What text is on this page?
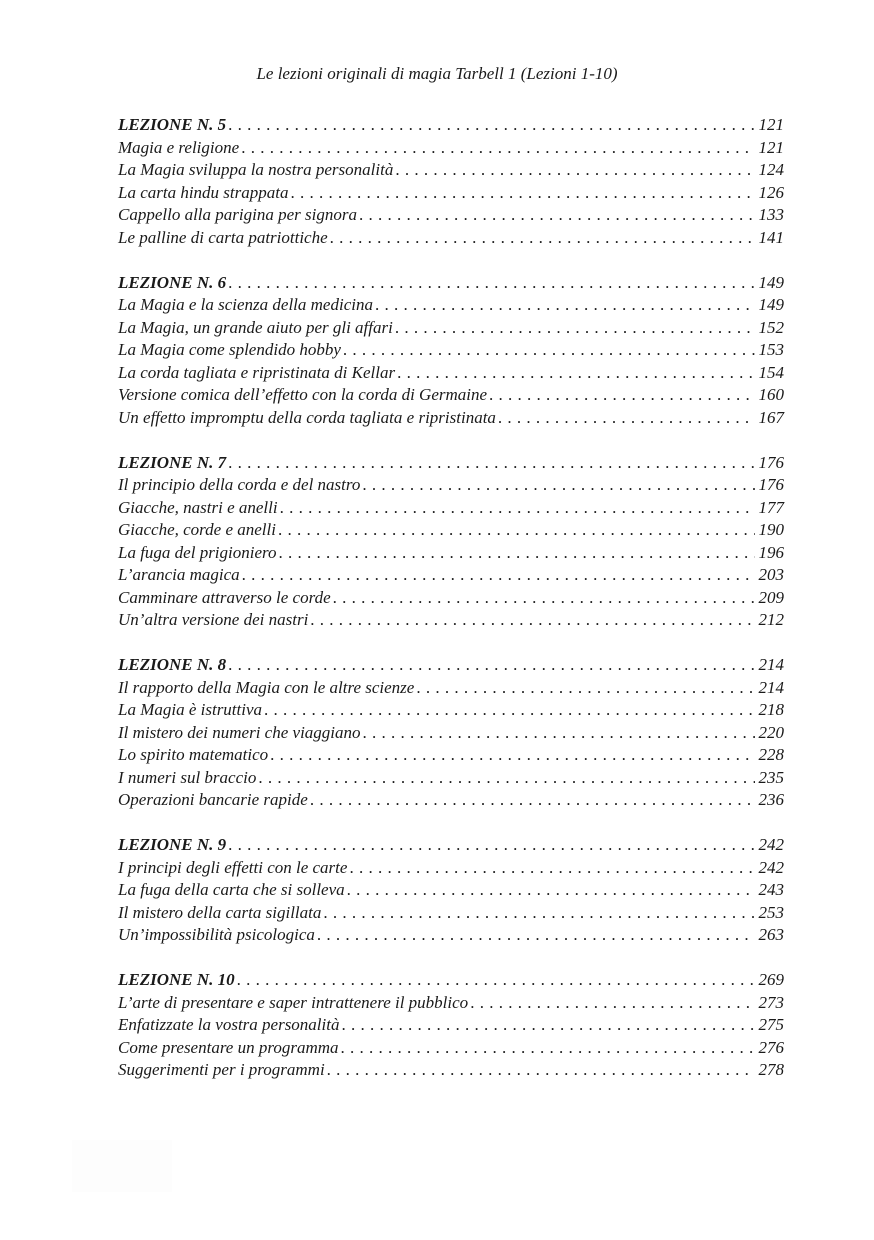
Le lezioni originali di magia Tarbell 1 (Lezioni 1-10)
LEZIONE N. 5 . . .	121
Magia e religione . . .	121
La Magia sviluppa la nostra personalità . . .	124
La carta hindu strappata . . .	126
Cappello alla parigina per signora . . .	133
Le palline di carta patriottiche . . .	141
LEZIONE N. 6 . . .	149
La Magia e la scienza della medicina . . .	149
La Magia, un grande aiuto per gli affari . . .	152
La Magia come splendido hobby . . .	153
La corda tagliata e ripristinata di Kellar . . .	154
Versione comica dell’effetto con la corda di Germaine . . .	160
Un effetto impromptu della corda tagliata e ripristinata . . .	167
LEZIONE N. 7 . . .	176
Il principio della corda e del nastro . . .	176
Giacche, nastri e anelli . . .	177
Giacche, corde e anelli . . .	190
La fuga del prigioniero . . .	196
L’arancia magica . . .	203
Camminare attraverso le corde . . .	209
Un’altra versione dei nastri . . .	212
LEZIONE N. 8 . . .	214
Il rapporto della Magia con le altre scienze . . .	214
La Magia è istruttiva . . .	218
Il mistero dei numeri che viaggiano . . .	220
Lo spirito matematico . . .	228
I numeri sul braccio . . .	235
Operazioni bancarie rapide . . .	236
LEZIONE N. 9 . . .	242
I principi degli effetti con le carte . . .	242
La fuga della carta che si solleva . . .	243
Il mistero della carta sigillata . . .	253
Un’impossibilità psicologica . . .	263
LEZIONE N. 10 . . .	269
L’arte di presentare e saper intrattenere il pubblico . . .	273
Enfatizzate la vostra personalità . . .	275
Come presentare un programma . . .	276
Suggerimenti per i programmi . . .	278
